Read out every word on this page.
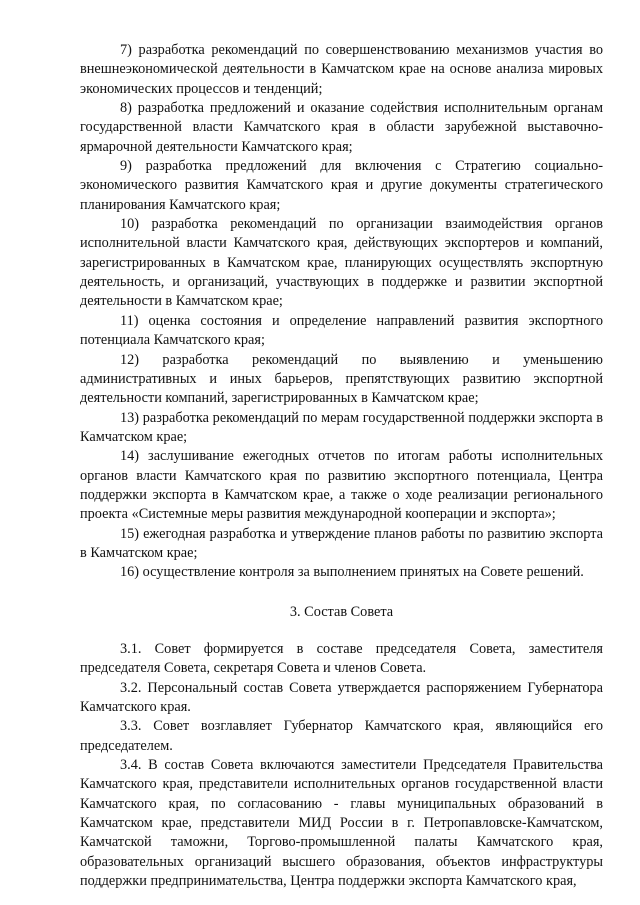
7) разработка рекомендаций по совершенствованию механизмов участия во внешнеэкономической деятельности в Камчатском крае на основе анализа мировых экономических процессов и тенденций;

8) разработка предложений и оказание содействия исполнительным органам государственной власти Камчатского края в области зарубежной выставочно-ярмарочной деятельности Камчатского края;

9) разработка предложений для включения с Стратегию социально-экономического развития Камчатского края и другие документы стратегического планирования Камчатского края;

10) разработка рекомендаций по организации взаимодействия органов исполнительной власти Камчатского края, действующих экспортеров и компаний, зарегистрированных в Камчатском крае, планирующих осуществлять экспортную деятельность, и организаций, участвующих в поддержке и развитии экспортной деятельности в Камчатском крае;

11) оценка состояния и определение направлений развития экспортного потенциала Камчатского края;

12) разработка рекомендаций по выявлению и уменьшению административных и иных барьеров, препятствующих развитию экспортной деятельности компаний, зарегистрированных в Камчатском крае;

13) разработка рекомендаций по мерам государственной поддержки экспорта в Камчатском крае;

14) заслушивание ежегодных отчетов по итогам работы исполнительных органов власти Камчатского края по развитию экспортного потенциала, Центра поддержки экспорта в Камчатском крае, а также о ходе реализации регионального проекта «Системные меры развития международной кооперации и экспорта»;

15) ежегодная разработка и утверждение планов работы по развитию экспорта в Камчатском крае;

16) осуществление контроля за выполнением принятых на Совете решений.

3. Состав Совета

3.1. Совет формируется в составе председателя Совета, заместителя председателя Совета, секретаря Совета и членов Совета.

3.2. Персональный состав Совета утверждается распоряжением Губернатора Камчатского края.

3.3. Совет возглавляет Губернатор Камчатского края, являющийся его председателем.

3.4. В состав Совета включаются заместители Председателя Правительства Камчатского края, представители исполнительных органов государственной власти Камчатского края, по согласованию - главы муниципальных образований в Камчатском крае, представители МИД России в г. Петропавловске-Камчатском, Камчатской таможни, Торгово-промышленной палаты Камчатского края, образовательных организаций высшего образования, объектов инфраструктуры поддержки предпринимательства, Центра поддержки экспорта Камчатского края,
